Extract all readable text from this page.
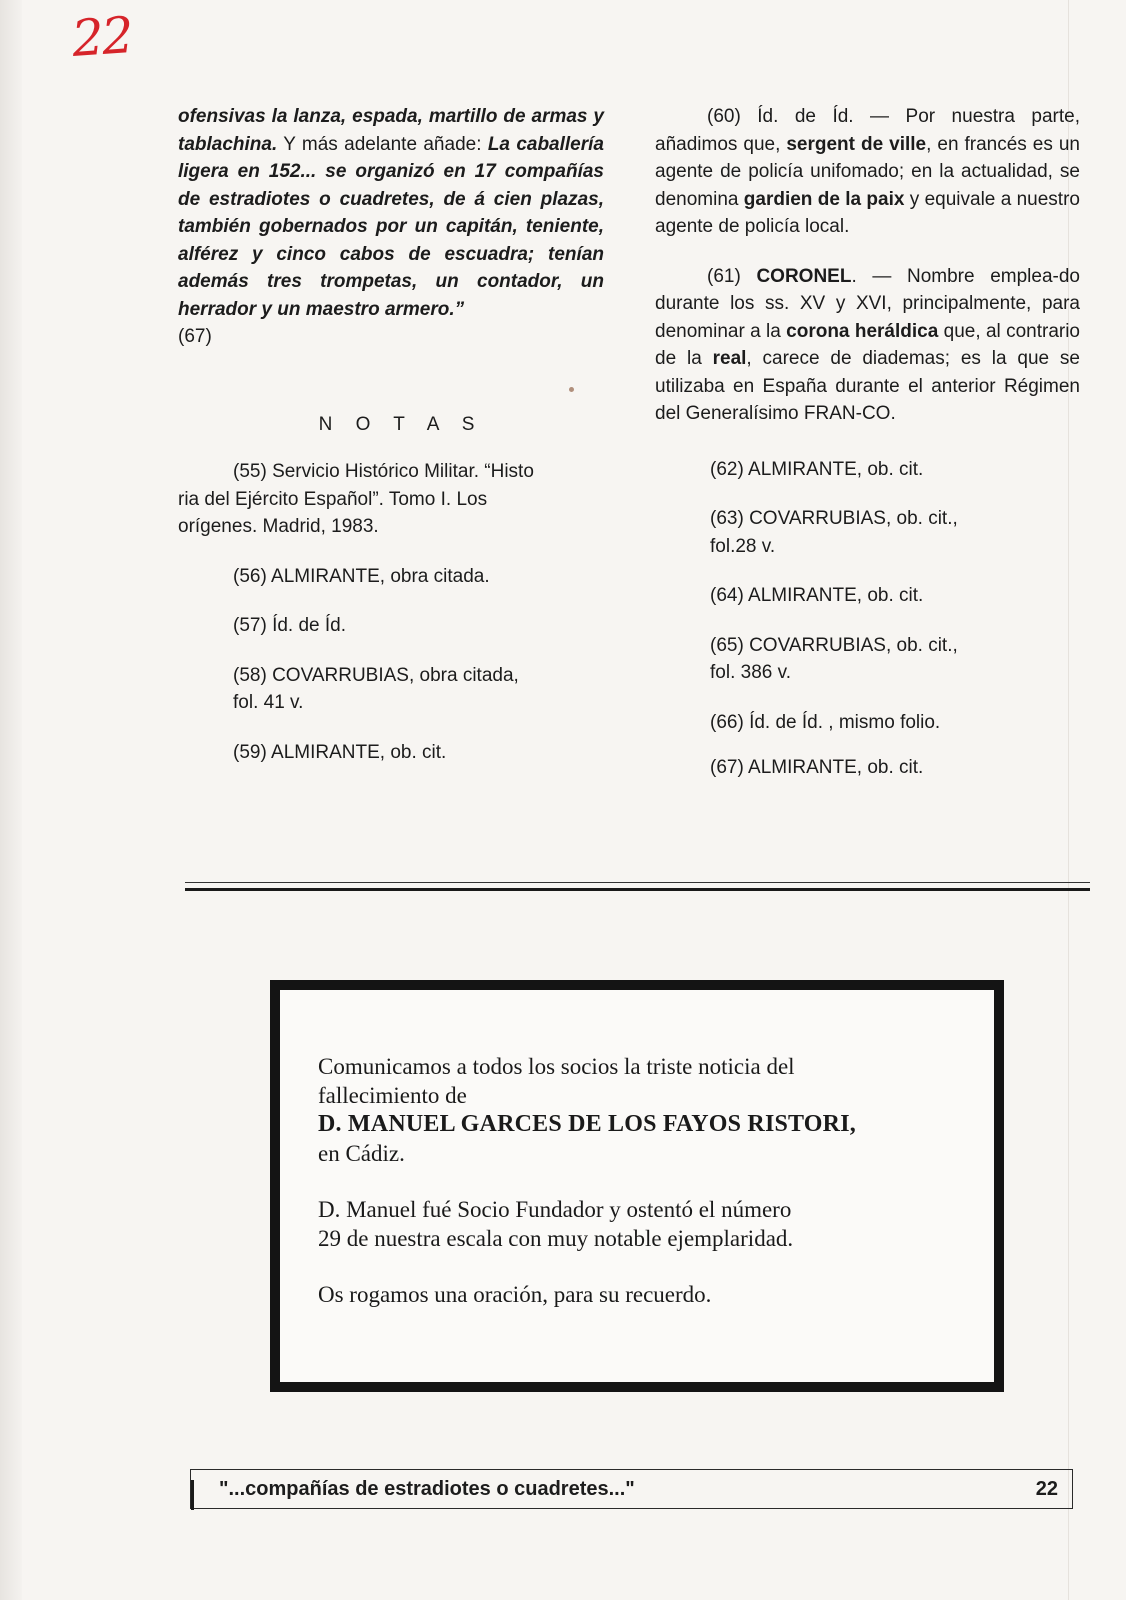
22

ofensivas la lanza, espada, martillo de armas y tablachina. Y más adelante añade: La caballería ligera en 152... se organizó en 17 compañías de estradiotes o cuadretes, de á cien plazas, también gobernados por un capitán, teniente, alférez y cinco cabos de escuadra; tenían además tres trompetas, un contador, un herrador y un maestro armero.”
(67)

N O T A S
(55) Servicio Histórico Militar. “Histo
ria del Ejército Español”. Tomo I. Los
orígenes. Madrid, 1983.
(56) ALMIRANTE, obra citada.
(57) Íd. de Íd.
(58) COVARRUBIAS, obra citada,
fol. 41 v.
(59) ALMIRANTE, ob. cit.

(60) Íd. de Íd. — Por nuestra parte, añadimos que, sergent de ville, en francés es un agente de policía unifomado; en la actualidad, se denomina gardien de la paix y equivale a nuestro agente de policía local.

(61) CORONEL. — Nombre emplea-do durante los ss. XV y XVI, principalmente, para denominar a la corona heráldica que, al contrario de la real, carece de diademas; es la que se utilizaba en España durante el anterior Régimen del Generalísimo FRAN-CO.

(62) ALMIRANTE, ob. cit.
(63) COVARRUBIAS, ob. cit.,
fol.28 v.
(64) ALMIRANTE, ob. cit.
(65) COVARRUBIAS, ob. cit.,
fol. 386 v.
(66) Íd. de Íd. , mismo folio.
(67) ALMIRANTE, ob. cit.

Comunicamos a todos los socios la triste noticia del

fallecimiento de

D. MANUEL GARCES DE LOS FAYOS RISTORI,

en Cádiz.

D. Manuel fué Socio Fundador y ostentó el número

29 de nuestra escala con muy notable ejemplaridad.

Os rogamos una oración, para su recuerdo.

"...compañías de estradiotes o cuadretes..."	22
